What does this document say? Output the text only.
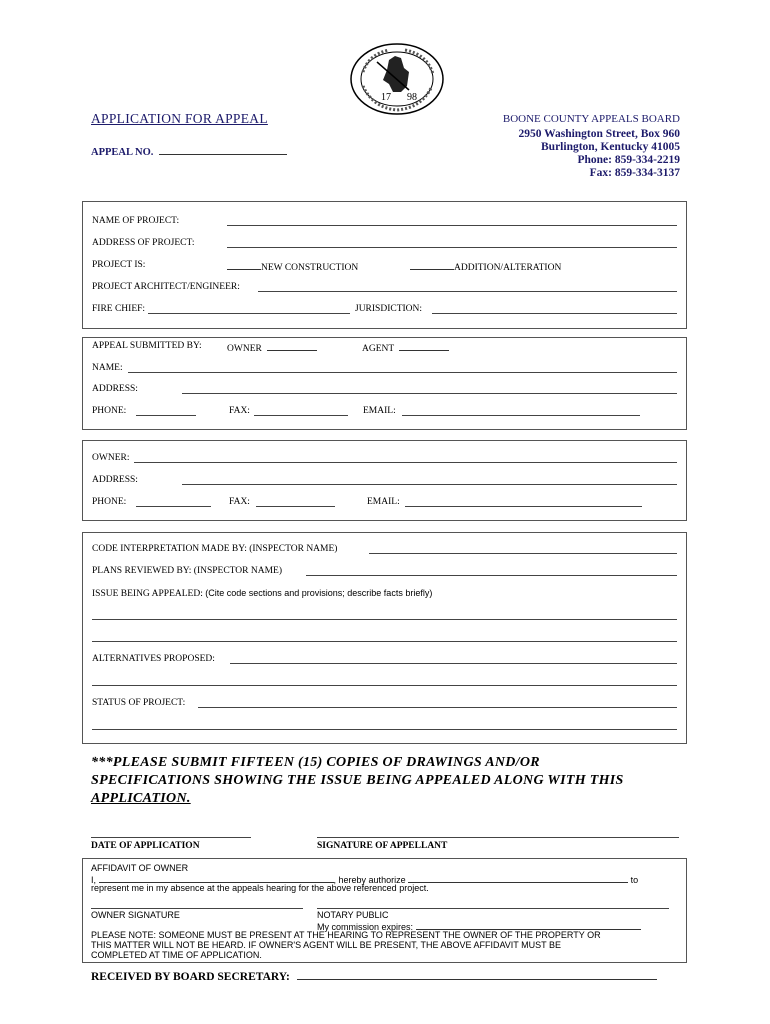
17 98
APPLICATION FOR APPEAL
APPEAL NO.
BOONE COUNTY APPEALS BOARD
2950 Washington Street, Box 960
Burlington, Kentucky 41005
Phone: 859-334-2219
Fax: 859-334-3137
NAME OF PROJECT:
ADDRESS OF PROJECT:
PROJECT IS:	NEW CONSTRUCTION	ADDITION/ALTERATION
PROJECT ARCHITECT/ENGINEER:
FIRE CHIEF:	JURISDICTION:
APPEAL SUBMITTED BY:	OWNER	AGENT
NAME:
ADDRESS:
PHONE:	FAX:	EMAIL:
OWNER:
ADDRESS:
PHONE:	FAX:	EMAIL:
CODE INTERPRETATION MADE BY: (INSPECTOR NAME)
PLANS REVIEWED BY: (INSPECTOR NAME)
ISSUE BEING APPEALED: (Cite code sections and provisions; describe facts briefly)
ALTERNATIVES PROPOSED:
STATUS OF PROJECT:
***PLEASE SUBMIT FIFTEEN (15) COPIES OF DRAWINGS AND/OR
SPECIFICATIONS SHOWING THE ISSUE BEING APPEALED ALONG WITH THIS
APPLICATION.
DATE OF APPLICATION	SIGNATURE OF APPELLANT
AFFIDAVIT OF OWNER
I,	, hereby authorize	to
represent me in my absence at the appeals hearing for the above referenced project.
OWNER SIGNATURE	NOTARY PUBLIC
My commission expires:
PLEASE NOTE: SOMEONE MUST BE PRESENT AT THE HEARING TO REPRESENT THE OWNER OF THE PROPERTY OR
THIS MATTER WILL NOT BE HEARD. IF OWNER'S AGENT WILL BE PRESENT, THE ABOVE AFFIDAVIT MUST BE
COMPLETED AT TIME OF APPLICATION.
RECEIVED BY BOARD SECRETARY:
